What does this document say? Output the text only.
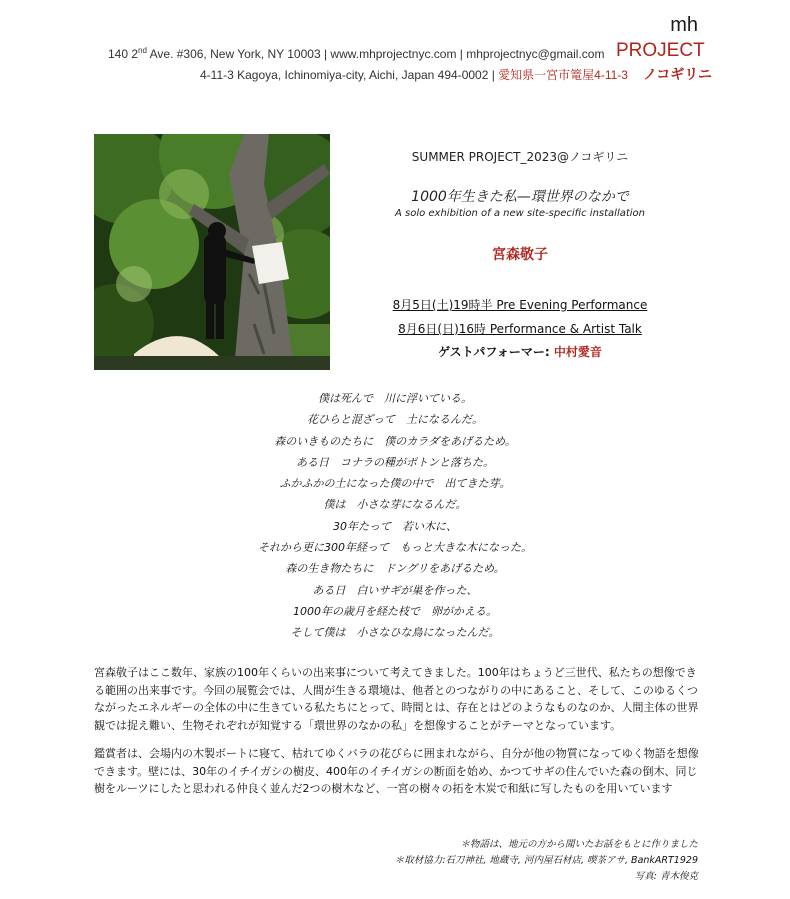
mh
140 2nd Ave. #306, New York, NY 10003 | www.mhprojectnyc.com | mhprojectnyc@gmail.com PROJECT
4-11-3 Kagoya, Ichinomiya-city, Aichi, Japan 494-0002 | 愛知県一宮市篭屋4-11-3 ノコギリニ
SUMMER PROJECT_2023@ノコギリニ
1000年生きた私—環世界のなかで
A solo exhibition of a new site-specific installation
宮森敬子
8月5日(土)19時半 Pre Evening Performance
8月6日(日)16時 Performance & Artist Talk
ゲストパフォーマー: 中村愛音
僕は死んで　川に浮いている。
花ひらと混ざって　土になるんだ。
森のいきものたちに　僕のカラダをあげるため。
ある日　コナラの種がポトンと落ちた。
ふかふかの土になった僕の中で　出てきた芽。
僕は　小さな芽になるんだ。
30年たって　若い木に、
それから更に300年経って　もっと大きな木になった。
森の生き物たちに　ドングリをあげるため。
ある日　白いサギが巣を作った、
1000年の歳月を経た枝で　卵がかえる。
そして僕は　小さなひな鳥になったんだ。
宮森敬子はここ数年、家族の100年くらいの出来事について考えてきました。100年はちょうど三世代、私たちの想像できる範囲の出来事です。今回の展覧会では、人間が生きる環境は、他者とのつながりの中にあること、そして、このゆるくつながったエネルギーの全体の中に生きている私たちにとって、時間とは、存在とはどのようなものなのか、人間主体の世界観では捉え難い、生物それぞれが知覚する「環世界のなかの私」を想像することがテーマとなっています。
鑑賞者は、会場内の木製ボートに寝て、枯れてゆくバラの花びらに囲まれながら、自分が他の物質になってゆく物語を想像できます。壁には、30年のイチイガシの樹皮、400年のイチイガシの断面を始め、かつてサギの住んでいた森の倒木、同じ樹をルーツにしたと思われる仲良く並んだ2つの樹木など、一宮の樹々の拓を木炭で和紙に写したものを用いています
＊物語は、地元の方から聞いたお話をもとに作りました
＊取材協力:石刀神社, 地蔵寺, 河内屋石材店, 喫茶アサ, BankART1929
写真: 青木俊克
